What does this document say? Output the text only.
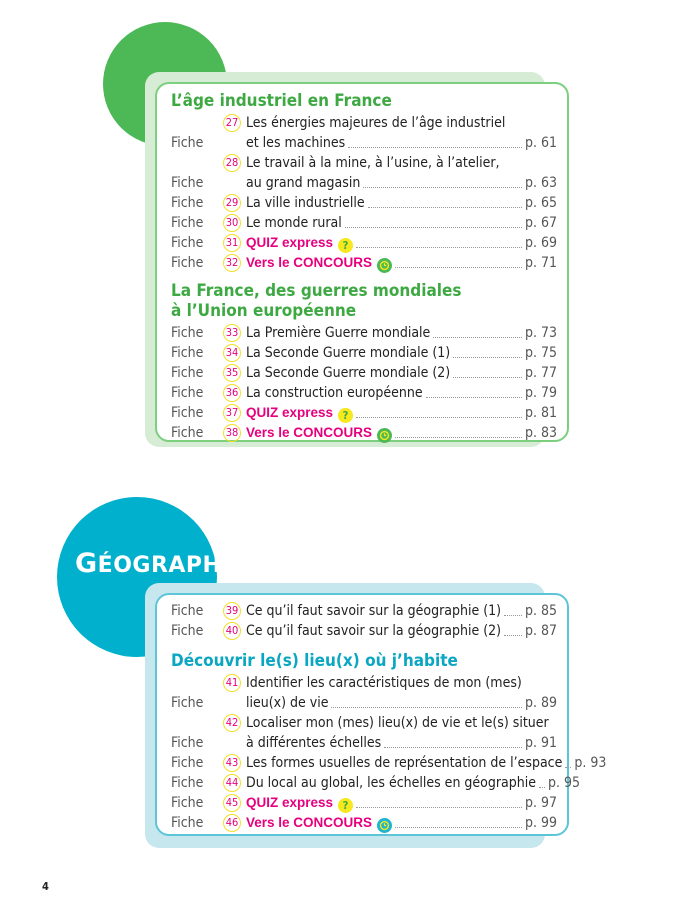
L’âge industriel en France
Fiche
27 Les énergies majeures de l’âge industriel
et les machines	p. 61
Fiche
28 Le travail à la mine, à l’usine, à l’atelier,
au grand magasin	p. 63
Fiche	29 La ville industrielle	p. 65
Fiche	30 Le monde rural	p. 67
Fiche	31 QUIZ express ?	p. 69
Fiche	32 Vers le CONCOURS	p. 71
La France, des guerres mondiales
à l’Union européenne
Fiche	33 La Première Guerre mondiale	p. 73
Fiche	34 La Seconde Guerre mondiale (1)	p. 75
Fiche	35 La Seconde Guerre mondiale (2)	p. 77
Fiche	36 La construction européenne	p. 79
Fiche	37 QUIZ express ?	p. 81
Fiche	38 Vers le CONCOURS	p. 83
GÉOGRAPHIE
Fiche	39 Ce qu’il faut savoir sur la géographie (1) p. 85
Fiche	40 Ce qu’il faut savoir sur la géographie (2) p. 87
Découvrir le(s) lieu(x) où j’habite
Fiche
41 Identifier les caractéristiques de mon (mes)
lieu(x) de vie	p. 89
Fiche
42 Localiser mon (mes) lieu(x) de vie et le(s) situer
à différentes échelles	p. 91
Fiche	43 Les formes usuelles de représentation de l’espace p. 93
Fiche	44 Du local au global, les échelles en géographie p. 95
Fiche	45 QUIZ express ?	p. 97
Fiche	46 Vers le CONCOURS	p. 99
4
